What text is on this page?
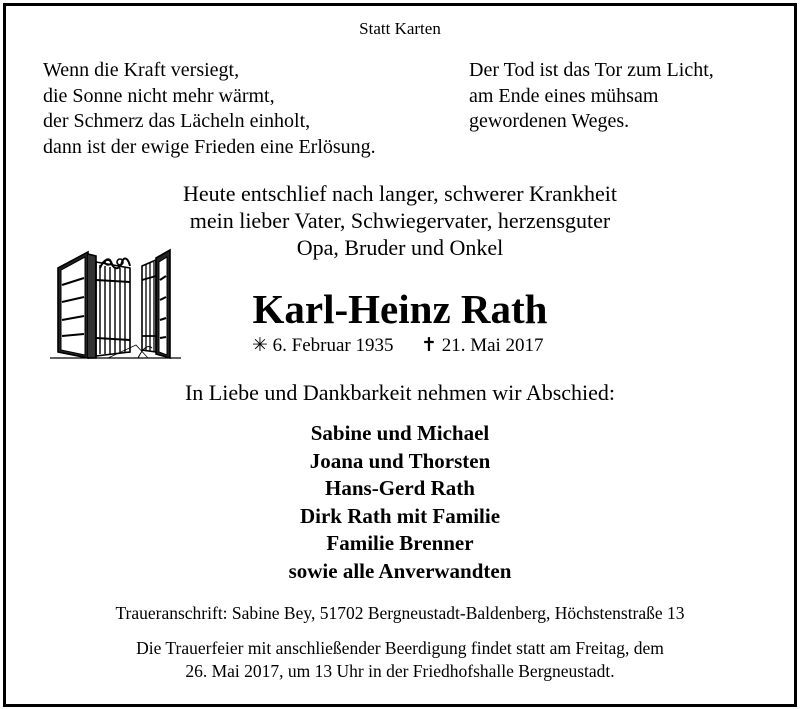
Statt Karten
Wenn die Kraft versiegt,
die Sonne nicht mehr wärmt,
der Schmerz das Lächeln einholt,
dann ist der ewige Frieden eine Erlösung.
Der Tod ist das Tor zum Licht,
am Ende eines mühsam
gewordenen Weges.
Heute entschlief nach langer, schwerer Krankheit
mein lieber Vater, Schwiegervater, herzensguter
Opa, Bruder und Onkel
Karl-Heinz Rath
✳ 6. Februar 1935 ✝ 21. Mai 2017
In Liebe und Dankbarkeit nehmen wir Abschied:
Sabine und Michael
Joana und Thorsten
Hans-Gerd Rath
Dirk Rath mit Familie
Familie Brenner
sowie alle Anverwandten
Traueranschrift: Sabine Bey, 51702 Bergneustadt-Baldenberg, Höchstenstraße 13
Die Trauerfeier mit anschließender Beerdigung findet statt am Freitag, dem
26. Mai 2017, um 13 Uhr in der Friedhofshalle Bergneustadt.
